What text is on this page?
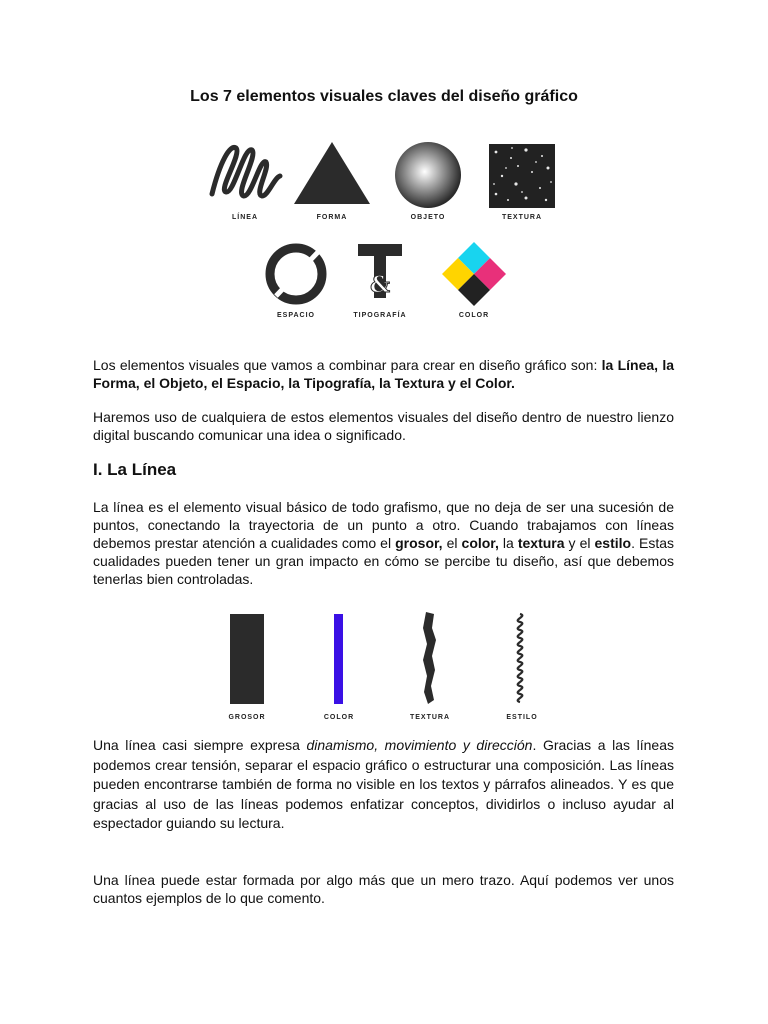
Los 7 elementos visuales claves del diseño gráfico
&
LÍNEA	FORMA	OBJETO	TEXTURA
ESPACIO	TIPOGRAFÍA	COLOR
Los elementos visuales que vamos a combinar para crear en diseño gráfico son: la Línea, la Forma, el Objeto, el Espacio, la Tipografía, la Textura y el Color.
Haremos uso de cualquiera de estos elementos visuales del diseño dentro de nuestro lienzo digital buscando comunicar una idea o significado.
I. La Línea
La línea es el elemento visual básico de todo grafismo, que no deja de ser una sucesión de puntos, conectando la trayectoria de un punto a otro. Cuando trabajamos con líneas debemos prestar atención a cualidades como el grosor, el color, la textura y el estilo. Estas cualidades pueden tener un gran impacto en cómo se percibe tu diseño, así que debemos tenerlas bien controladas.
GROSOR	COLOR	TEXTURA	ESTILO
Una línea casi siempre expresa dinamismo, movimiento y dirección. Gracias a las líneas podemos crear tensión, separar el espacio gráfico o estructurar una composición. Las líneas pueden encontrarse también de forma no visible en los textos y párrafos alineados. Y es que gracias al uso de las líneas podemos enfatizar conceptos, dividirlos o incluso ayudar al espectador guiando su lectura.
Una línea puede estar formada por algo más que un mero trazo. Aquí podemos ver unos cuantos ejemplos de lo que comento.
